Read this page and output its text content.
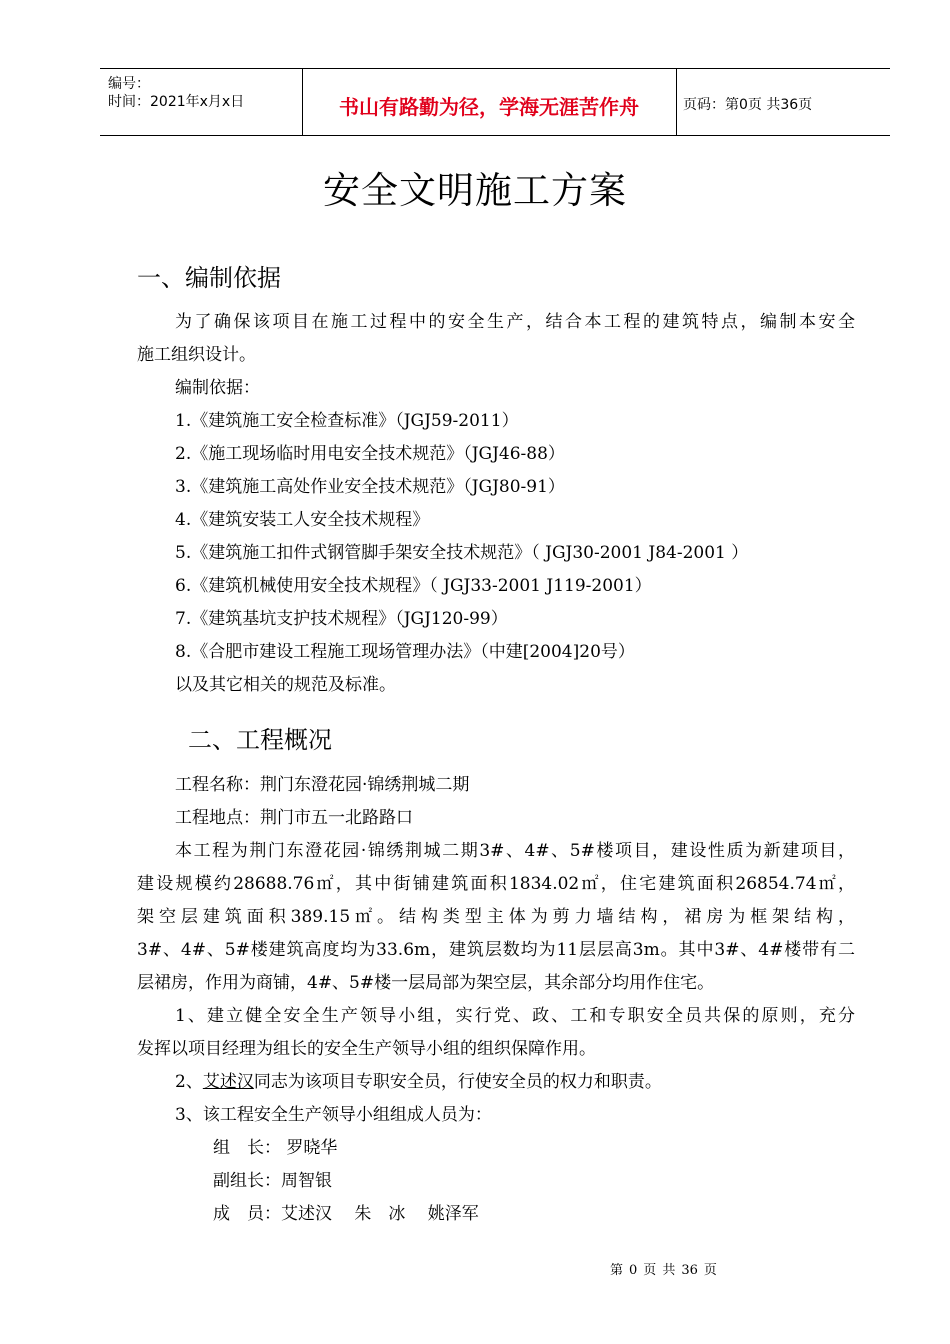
编号：
时间：2021年x月x日	书山有路勤为径，学海无涯苦作舟	页码：第0页 共36页
安全文明施工方案
一、编制依据
为了确保该项目在施工过程中的安全生产，结合本工程的建筑特点，编制本安全
施工组织设计。
编制依据：
1.《建筑施工安全检查标准》（JGJ59-2011）
2.《施工现场临时用电安全技术规范》（JGJ46-88）
3.《建筑施工高处作业安全技术规范》（JGJ80-91）
4.《建筑安装工人安全技术规程》
5.《建筑施工扣件式钢管脚手架安全技术规范》（ JGJ30-2001 J84-2001 ）
6.《建筑机械使用安全技术规程》（ JGJ33-2001 J119-2001）
7.《建筑基坑支护技术规程》（JGJ120-99）
8.《合肥市建设工程施工现场管理办法》（中建[2004]20号）
以及其它相关的规范及标准。
二、工程概况
工程名称：荆门东澄花园·锦绣荆城二期
工程地点：荆门市五一北路路口
本工程为荆门东澄花园·锦绣荆城二期3#、4#、5#楼项目，建设性质为新建项目，
建设规模约28688.76㎡，其中街铺建筑面积1834.02㎡，住宅建筑面积26854.74㎡，
架空层建筑面积389.15㎡。结构类型主体为剪力墙结构，裙房为框架结构，
3#、4#、5#楼建筑高度均为33.6m，建筑层数均为11层层高3m。其中3#、4#楼带有二
层裙房，作用为商铺，4#、5#楼一层局部为架空层，其余部分均用作住宅。
1、建立健全安全生产领导小组，实行党、政、工和专职安全员共保的原则，充分
发挥以项目经理为组长的安全生产领导小组的组织保障作用。
2、艾述汉同志为该项目专职安全员，行使安全员的权力和职责。
3、该工程安全生产领导小组组成人员为：
组　长： 罗晓华
副组长：周智银
成　员：艾述汉　 朱　冰　 姚泽军
第 0 页 共 36 页
